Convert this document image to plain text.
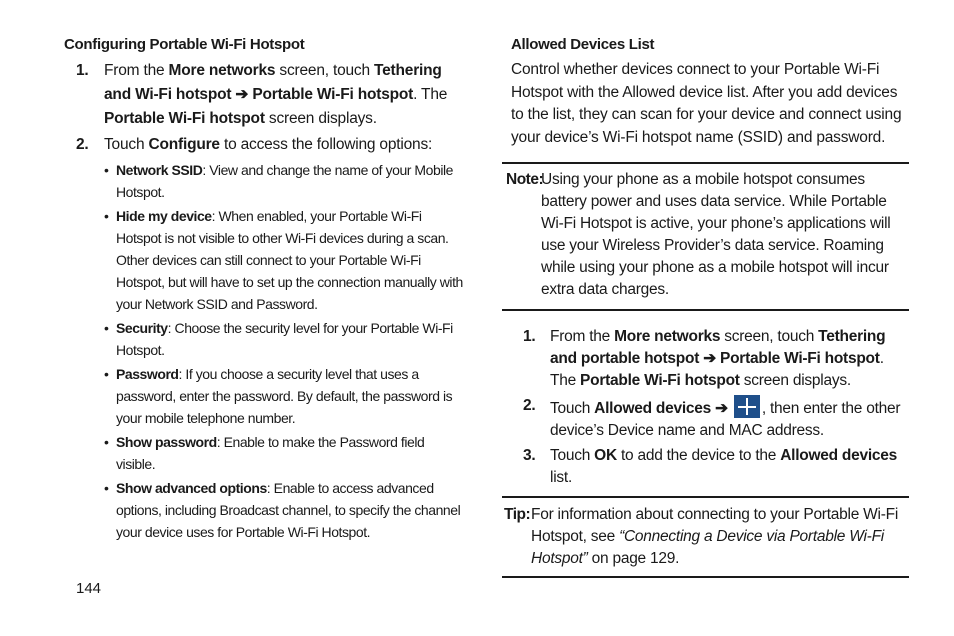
Configuring Portable Wi-Fi Hotspot
1. From the More networks screen, touch Tethering and Wi-Fi hotspot ➔ Portable Wi-Fi hotspot. The Portable Wi-Fi hotspot screen displays.
2. Touch Configure to access the following options:
• Network SSID: View and change the name of your Mobile Hotspot.
• Hide my device: When enabled, your Portable Wi-Fi Hotspot is not visible to other Wi-Fi devices during a scan. Other devices can still connect to your Portable Wi-Fi Hotspot, but will have to set up the connection manually with your Network SSID and Password.
• Security: Choose the security level for your Portable Wi-Fi Hotspot.
• Password: If you choose a security level that uses a password, enter the password. By default, the password is your mobile telephone number.
• Show password: Enable to make the Password field visible.
• Show advanced options: Enable to access advanced options, including Broadcast channel, to specify the channel your device uses for Portable Wi-Fi Hotspot.
144
Allowed Devices List
Control whether devices connect to your Portable Wi-Fi Hotspot with the Allowed device list. After you add devices to the list, they can scan for your device and connect using your device’s Wi-Fi hotspot name (SSID) and password.
Note:
Using your phone as a mobile hotspot consumes battery power and uses data service. While Portable Wi-Fi Hotspot is active, your phone’s applications will use your Wireless Provider’s data service. Roaming while using your phone as a mobile hotspot will incur extra data charges.
1. From the More networks screen, touch Tethering and portable hotspot ➔ Portable Wi-Fi hotspot. The Portable Wi-Fi hotspot screen displays.
2. Touch Allowed devices ➔ , then enter the other device’s Device name and MAC address.
3. Touch OK to add the device to the Allowed devices list.
Tip: For information about connecting to your Portable Wi-Fi Hotspot, see “Connecting a Device via Portable Wi-Fi Hotspot” on page 129.
